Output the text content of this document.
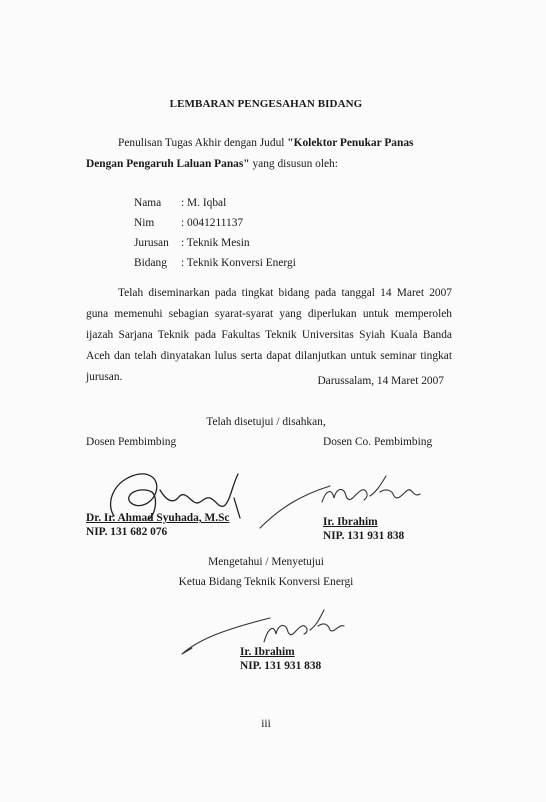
LEMBARAN PENGESAHAN BIDANG
Penulisan Tugas Akhir dengan Judul "Kolektor Penukar Panas Dengan Pengaruh Laluan Panas" yang disusun oleh:
Nama	: M. Iqbal
Nim	: 0041211137
Jurusan	: Teknik Mesin
Bidang	: Teknik Konversi Energi
Telah diseminarkan pada tingkat bidang pada tanggal 14 Maret 2007 guna memenuhi sebagian syarat-syarat yang diperlukan untuk memperoleh ijazah Sarjana Teknik pada Fakultas Teknik Universitas Syiah Kuala Banda Aceh dan telah dinyatakan lulus serta dapat dilanjutkan untuk seminar tingkat jurusan.	Darussalam, 14 Maret 2007
Telah disetujui / disahkan,
Dosen Pembimbing	Dosen Co. Pembimbing
Dr. Ir. Ahmad Syuhada, M.Sc
NIP. 131 682 076
Ir. Ibrahim
NIP. 131 931 838
Mengetahui / Menyetujui
Ketua Bidang Teknik Konversi Energi
Ir. Ibrahim
NIP. 131 931 838
iii
